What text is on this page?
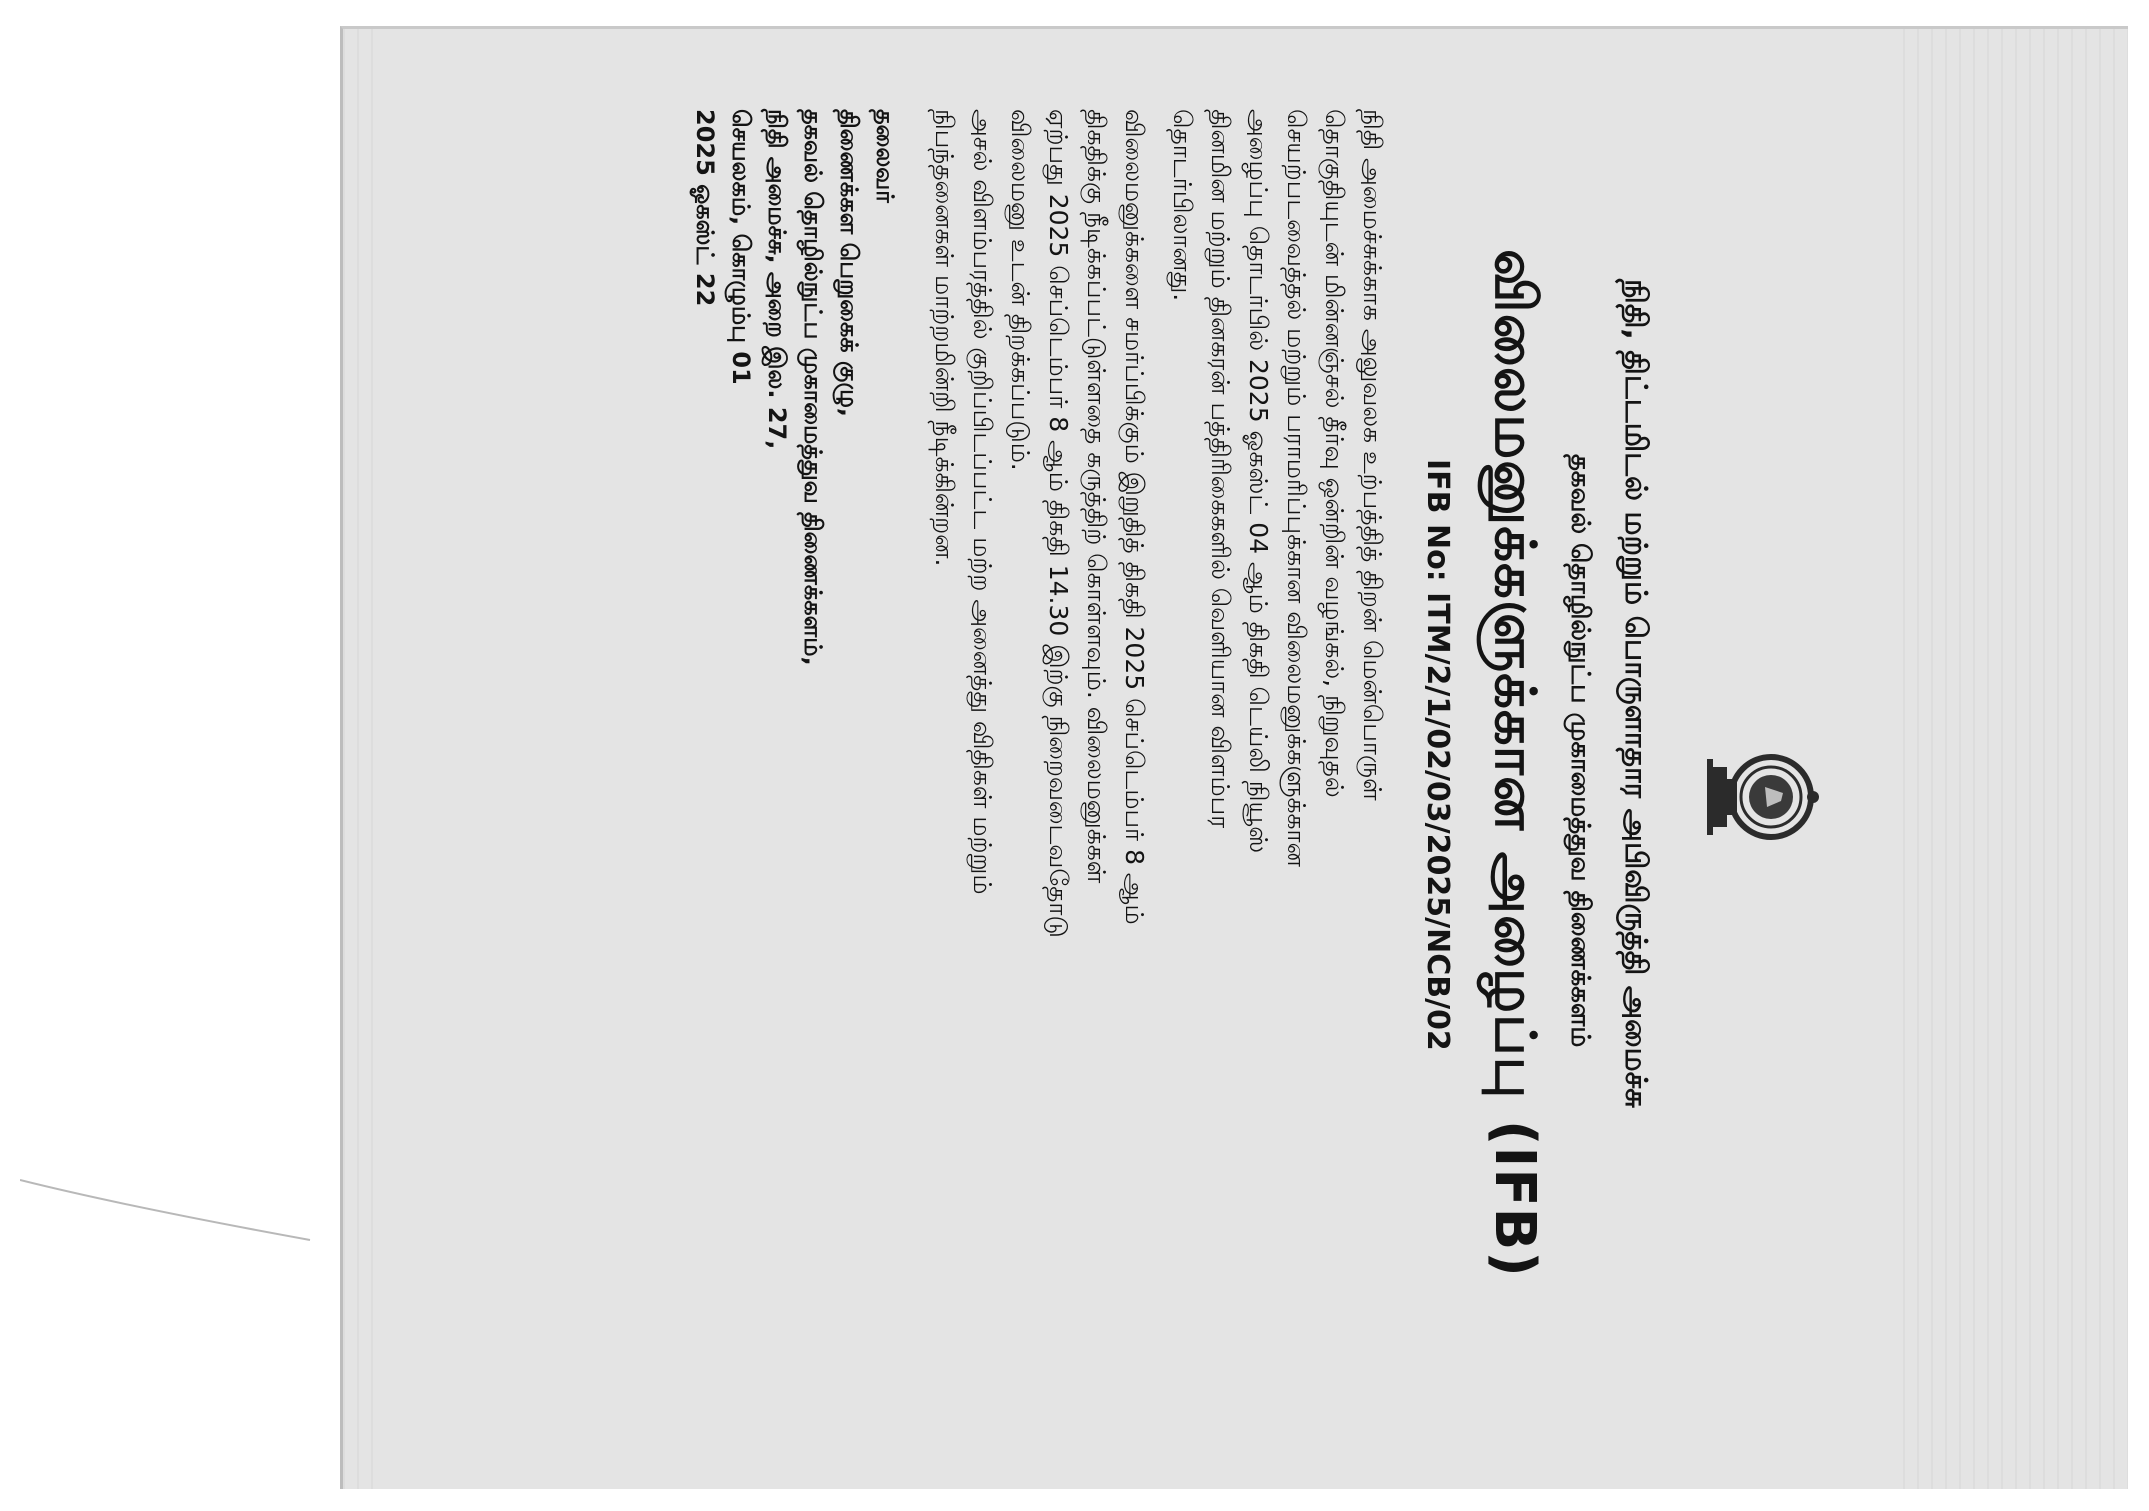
நிதி, திட்டமிடல் மற்றும் பொருளாதார அபிவிருத்தி அமைச்சு
தகவல் தொழில்நுட்ப முகாமைத்துவ திணைக்களம்
விலைமனுக்களுக்கான அழைப்பு (IFB)
IFB No: ITM/2/1/02/03/2025/NCB/02
நிதி அமைச்சுக்காக அலுவலக உற்பத்தித் திறன் மென்பொருள்
தொகுதியுடன் மின்னஞ்சல் தீர்வு ஒன்றின் வழங்கல், நிறுவுதல்
செயற்படவைத்தல் மற்றும் பராமரிப்புக்கான விலைமனுக்களுக்கான
அழைப்பு தொடர்பில் 2025 ஓகஸ்ட் 04 ஆம் திகதி டெய்லி நியூஸ்
தினமின மற்றும் தினகரன் பத்திரிகைகளில் வெளியான விளம்பர
தொடர்பிலானது.
விலைமனுக்களை சமர்ப்பிக்கும் இறுதித் திகதி 2025 செப்டெம்பர் 8 ஆம்
திகதிக்கு நீடிக்கப்பட்டுள்ளதை கருத்திற் கொள்ளவும். விலைமனுக்கள்
ஏற்பது 2025 செப்டெம்பர் 8 ஆம் திகதி 14.30 இற்கு நிறைவடைவதோடு
விலைமனு உடன் திறக்கப்படும்.
அசல் விளம்பரத்தில் குறிப்பிடப்பட்ட மற்ற அனைத்து விதிகள் மற்றும்
நிபந்தனைகள் மாற்றமின்றி நீடிக்கின்றன.
தலைவர்
திணைக்கள பெறுகைக் குழு,
தகவல் தொழில்நுட்ப முகாமைத்துவ திணைக்களம்,
நிதி அமைச்சு, அறை இல. 27,
செயலகம், கொழும்பு 01
2025 ஓகஸ்ட் 22
